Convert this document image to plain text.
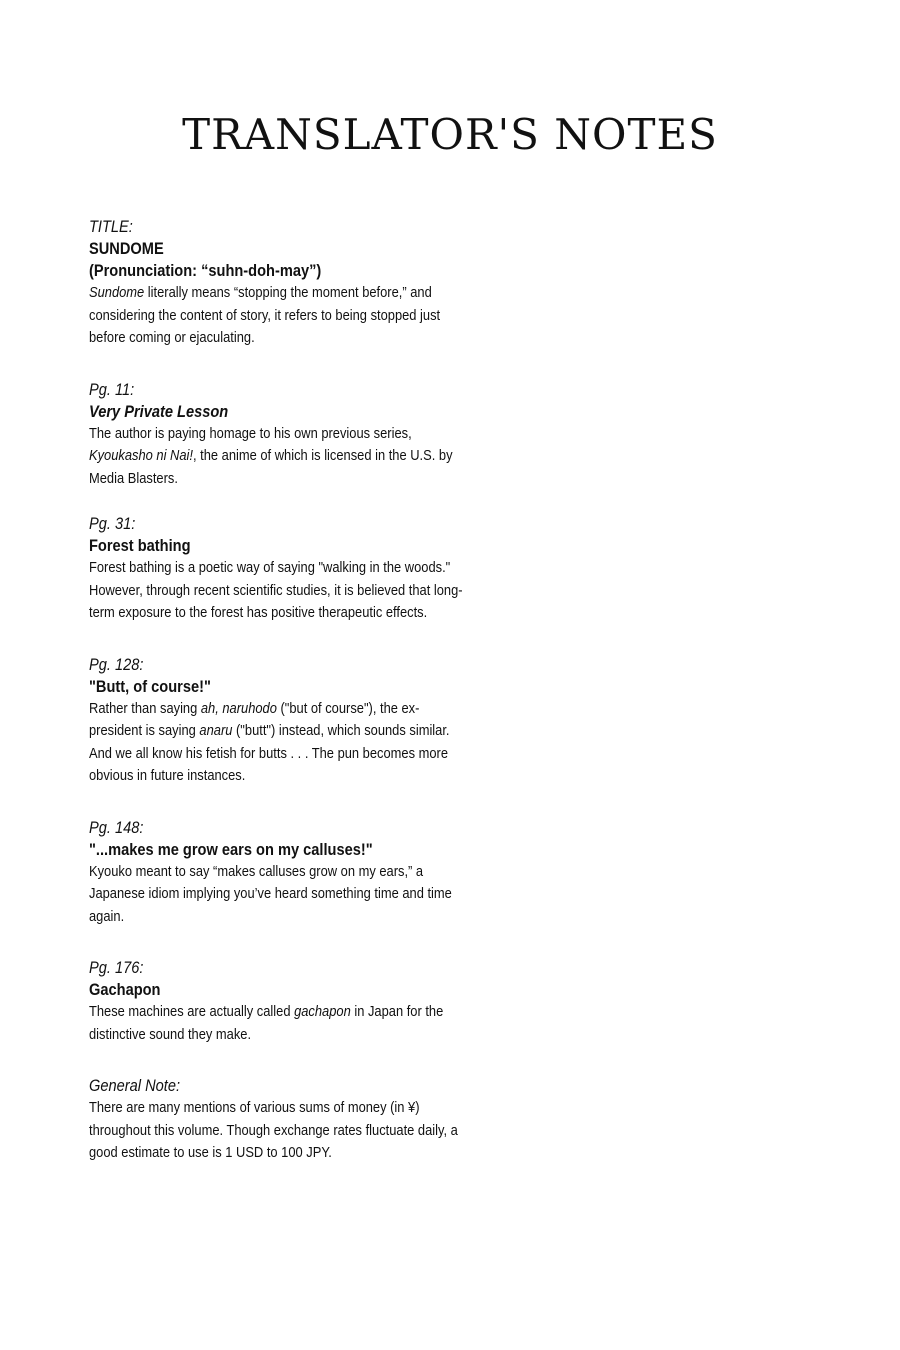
TRANSLATOR'S NOTES
TITLE:
SUNDOME
(Pronunciation: “suhn-doh-may”)

Sundome literally means “stopping the moment before,” and considering the content of story, it refers to being stopped just before coming or ejaculating.

Pg. 11:
Very Private Lesson

The author is paying homage to his own previous series, Kyoukasho ni Nai!, the anime of which is licensed in the U.S. by Media Blasters.

Pg. 31:
Forest bathing

Forest bathing is a poetic way of saying "walking in the woods." However, through recent scientific studies, it is believed that long-term exposure to the forest has positive therapeutic effects.

Pg. 128:
"Butt, of course!"

Rather than saying ah, naruhodo ("but of course"), the ex-president is saying anaru ("butt") instead, which sounds similar. And we all know his fetish for butts . . . The pun becomes more obvious in future instances.

Pg. 148:
"...makes me grow ears on my calluses!"

Kyouko meant to say “makes calluses grow on my ears,” a Japanese idiom implying you’ve heard something time and time again.

Pg. 176:
Gachapon

These machines are actually called gachapon in Japan for the distinctive sound they make.

General Note:

There are many mentions of various sums of money (in ¥) throughout this volume. Though exchange rates fluctuate daily, a good estimate to use is 1 USD to 100 JPY.
